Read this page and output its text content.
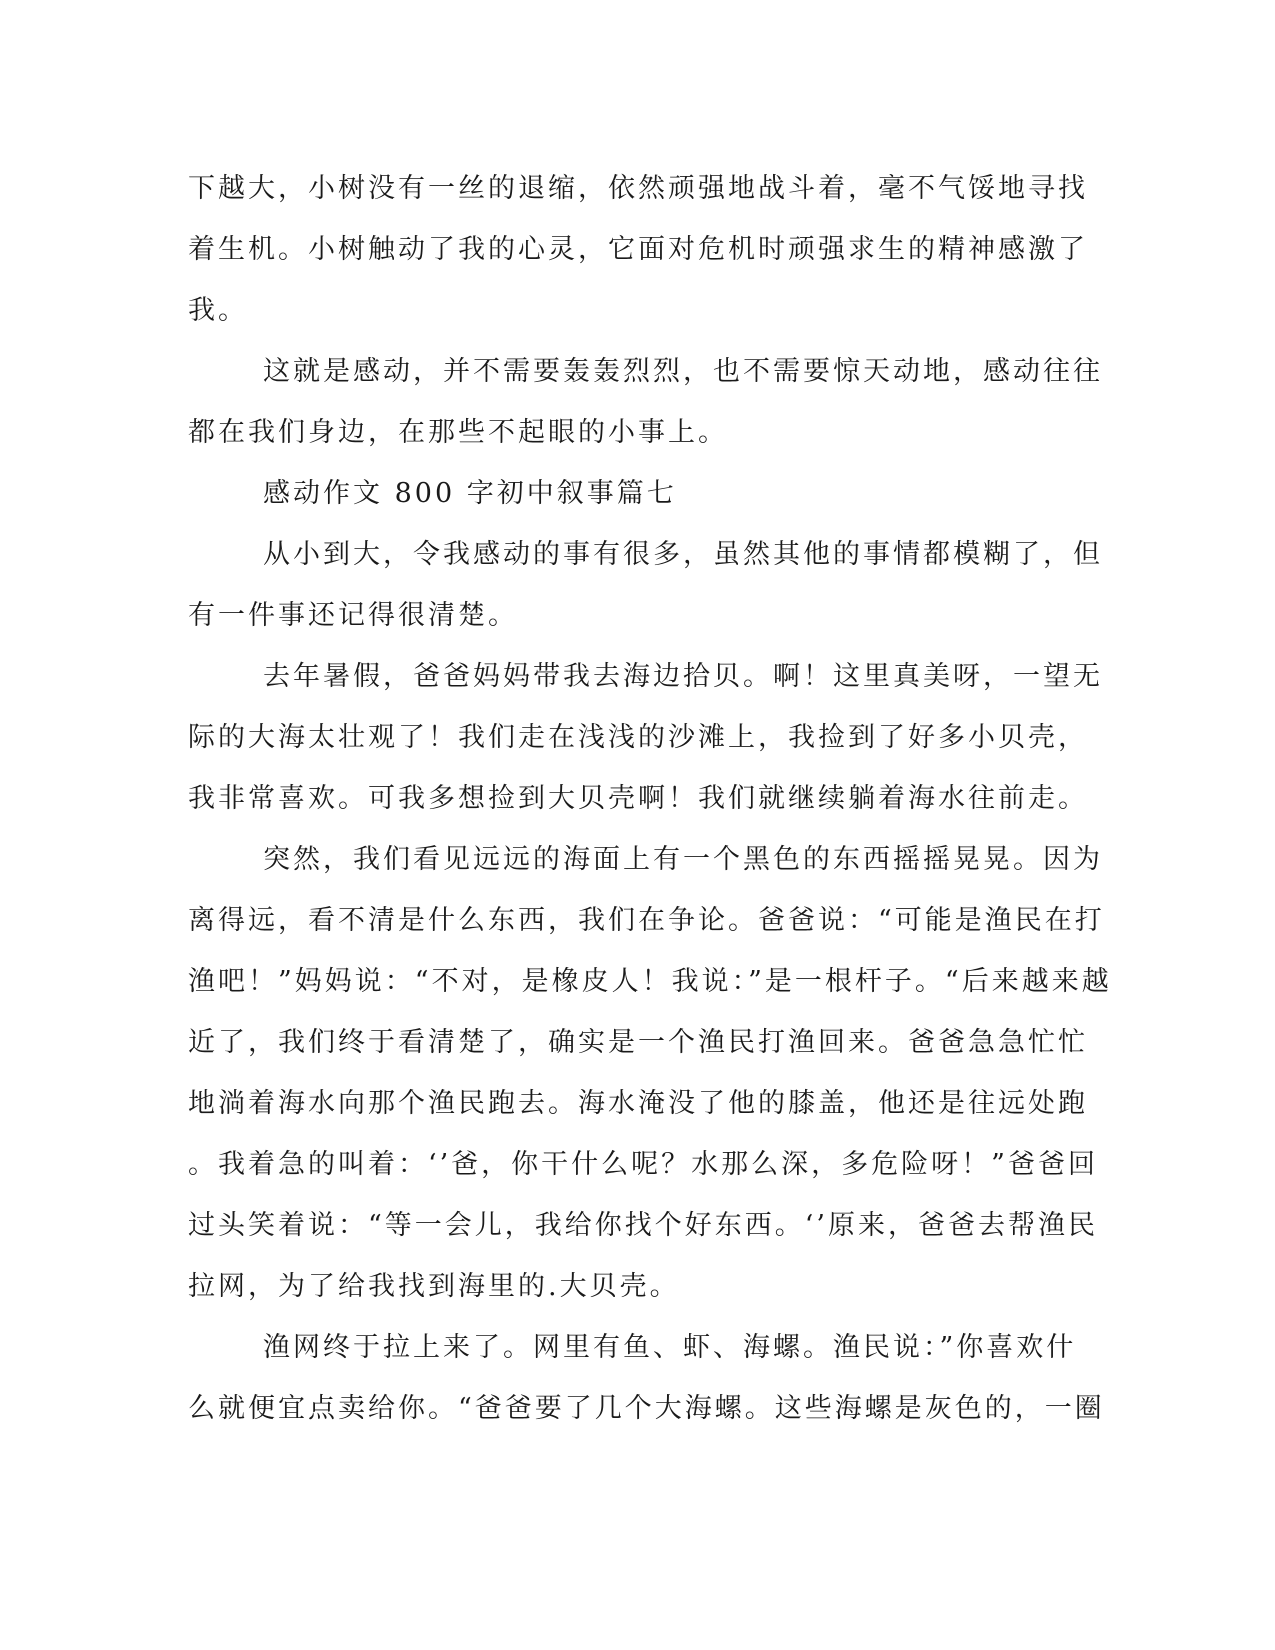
下越大，小树没有一丝的退缩，依然顽强地战斗着，毫不气馁地寻找
着生机。小树触动了我的心灵，它面对危机时顽强求生的精神感激了
我。
这就是感动，并不需要轰轰烈烈，也不需要惊天动地，感动往往
都在我们身边，在那些不起眼的小事上。
感动作文 800 字初中叙事篇七
从小到大，令我感动的事有很多，虽然其他的事情都模糊了，但
有一件事还记得很清楚。
去年暑假，爸爸妈妈带我去海边拾贝。啊！这里真美呀，一望无
际的大海太壮观了！我们走在浅浅的沙滩上，我捡到了好多小贝壳，
我非常喜欢。可我多想捡到大贝壳啊！我们就继续躺着海水往前走。
突然，我们看见远远的海面上有一个黑色的东西摇摇晃晃。因为
离得远，看不清是什么东西，我们在争论。爸爸说：“可能是渔民在打
渔吧！”妈妈说：“不对，是橡皮人！我说：”是一根杆子。“后来越来越
近了，我们终于看清楚了，确实是一个渔民打渔回来。爸爸急急忙忙
地淌着海水向那个渔民跑去。海水淹没了他的膝盖，他还是往远处跑
。我着急的叫着：‘’爸，你干什么呢？水那么深，多危险呀！”爸爸回
过头笑着说：“等一会儿，我给你找个好东西。‘’原来，爸爸去帮渔民
拉网，为了给我找到海里的.大贝壳。
渔网终于拉上来了。网里有鱼、虾、海螺。渔民说：”你喜欢什
么就便宜点卖给你。“爸爸要了几个大海螺。这些海螺是灰色的，一圈
